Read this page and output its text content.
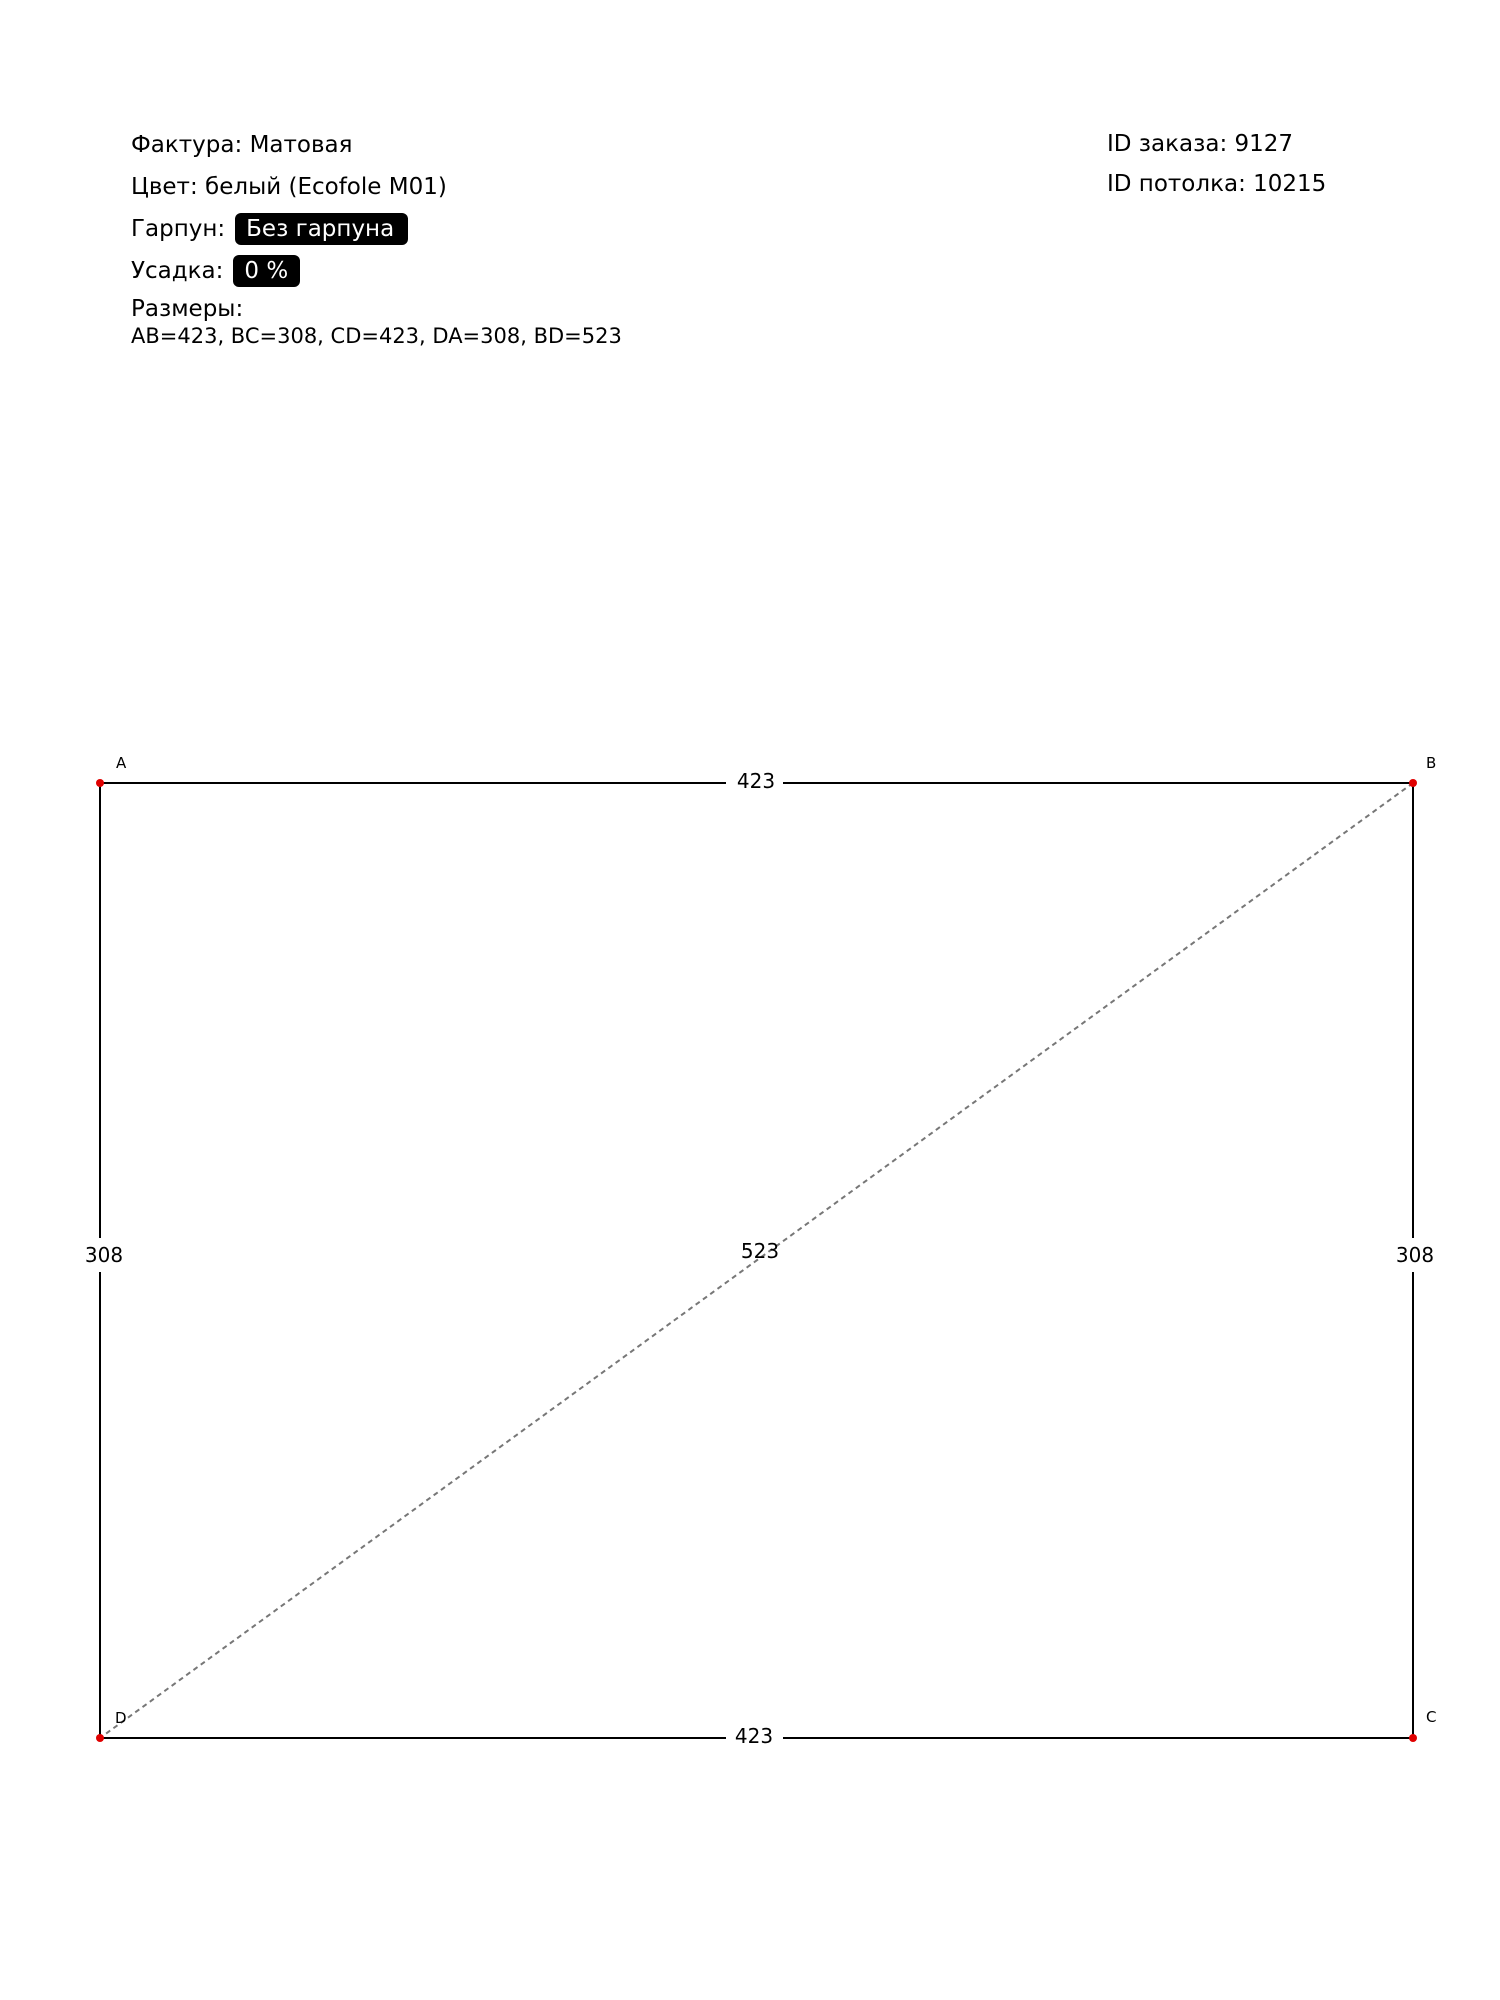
Фактура:
Матовая
Цвет:
белый (Ecofole M01)
Гарпун: Без гарпуна
Усадка: 0 %
Размеры:
AB=423, BC=308, CD=423, DA=308, BD=523
ID заказа:
9127
ID потолка:
10215
A	B
C
D
423
423
308	308
523
